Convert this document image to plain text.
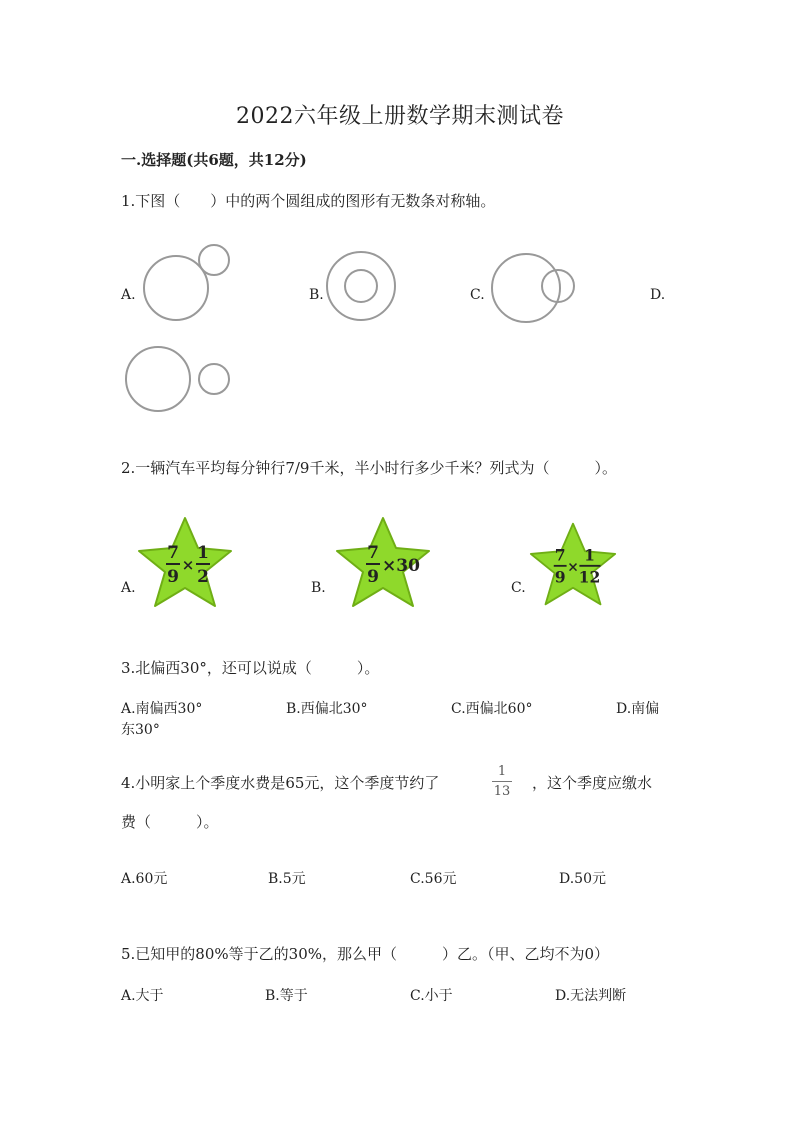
2022六年级上册数学期末测试卷
一.选择题(共6题，共12分)
1.下图（　　）中的两个圆组成的图形有无数条对称轴。
A.	B.	C.	D.
2.一辆汽车平均每分钟行7/9千米，半小时行多少千米？列式为（　　　）。
A.
7
9
×
1
2
B.
7
9
×30
C.
7
9 ×
1
12
3.北偏西30°，还可以说成（　　　）。
A.南偏西30°	B.西偏北30°	C.西偏北60°	D.南偏
东30°
4.小明家上个季度水费是65元，这个季度节约了
1
13 ，这个季度应缴水
费（　　　）。
A.60元	B.5元	C.56元	D.50元
5.已知甲的80%等于乙的30%，那么甲（　　　）乙。（甲、乙均不为0）
A.大于	B.等于	C.小于	D.无法判断
